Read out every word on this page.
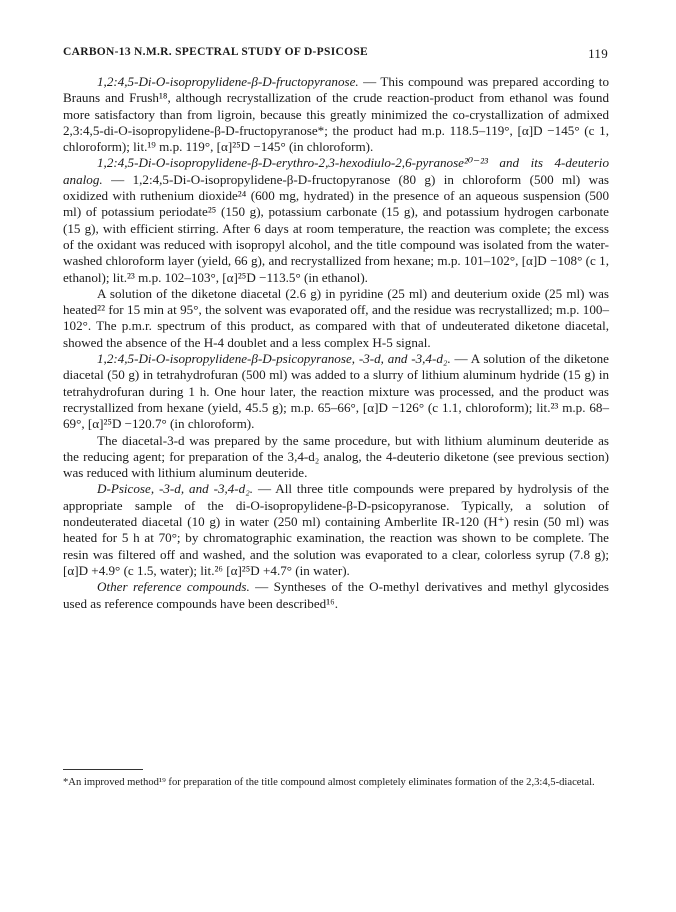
CARBON-13 N.M.R. SPECTRAL STUDY OF D-PSICOSE	119

1,2:4,5-Di-O-isopropylidene-β-D-fructopyranose. — This compound was prepared according to Brauns and Frush¹⁸, although recrystallization of the crude reaction-product from ethanol was found more satisfactory than from ligroin, because this greatly minimized the co-crystallization of admixed 2,3:4,5-di-O-isopropylidene-β-D-fructopyranose*; the product had m.p. 118.5–119°, [α]D −145° (c 1, chloroform); lit.¹⁹ m.p. 119°, [α]²⁵D −145° (in chloroform).

1,2:4,5-Di-O-isopropylidene-β-D-erythro-2,3-hexodiulo-2,6-pyranose²⁰⁻²³ and its 4-deuterio analog. — 1,2:4,5-Di-O-isopropylidene-β-D-fructopyranose (80 g) in chloroform (500 ml) was oxidized with ruthenium dioxide²⁴ (600 mg, hydrated) in the presence of an aqueous suspension (500 ml) of potassium periodate²⁵ (150 g), potassium carbonate (15 g), and potassium hydrogen carbonate (15 g), with efficient stirring. After 6 days at room temperature, the reaction was complete; the excess of the oxidant was reduced with isopropyl alcohol, and the title compound was isolated from the water-washed chloroform layer (yield, 66 g), and recrystallized from hexane; m.p. 101–102°, [α]D −108° (c 1, ethanol); lit.²³ m.p. 102–103°, [α]²⁵D −113.5° (in ethanol).

A solution of the diketone diacetal (2.6 g) in pyridine (25 ml) and deuterium oxide (25 ml) was heated²² for 15 min at 95°, the solvent was evaporated off, and the residue was recrystallized; m.p. 100–102°. The p.m.r. spectrum of this product, as compared with that of undeuterated diketone diacetal, showed the absence of the H-4 doublet and a less complex H-5 signal.

1,2:4,5-Di-O-isopropylidene-β-D-psicopyranose, -3-d, and -3,4-d₂. — A solution of the diketone diacetal (50 g) in tetrahydrofuran (500 ml) was added to a slurry of lithium aluminum hydride (15 g) in tetrahydrofuran during 1 h. One hour later, the reaction mixture was processed, and the product was recrystallized from hexane (yield, 45.5 g); m.p. 65–66°, [α]D −126° (c 1.1, chloroform); lit.²³ m.p. 68–69°, [α]²⁵D −120.7° (in chloroform).

The diacetal-3-d was prepared by the same procedure, but with lithium aluminum deuteride as the reducing agent; for preparation of the 3,4-d₂ analog, the 4-deuterio diketone (see previous section) was reduced with lithium aluminum deuteride.

D-Psicose, -3-d, and -3,4-d₂. — All three title compounds were prepared by hydrolysis of the appropriate sample of the di-O-isopropylidene-β-D-psicopyranose. Typically, a solution of nondeuterated diacetal (10 g) in water (250 ml) containing Amberlite IR-120 (H⁺) resin (50 ml) was heated for 5 h at 70°; by chromatographic examination, the reaction was shown to be complete. The resin was filtered off and washed, and the solution was evaporated to a clear, colorless syrup (7.8 g); [α]D +4.9° (c 1.5, water); lit.²⁶ [α]²⁵D +4.7° (in water).

Other reference compounds. — Syntheses of the O-methyl derivatives and methyl glycosides used as reference compounds have been described¹⁶.

*An improved method¹⁹ for preparation of the title compound almost completely eliminates formation of the 2,3:4,5-diacetal.
